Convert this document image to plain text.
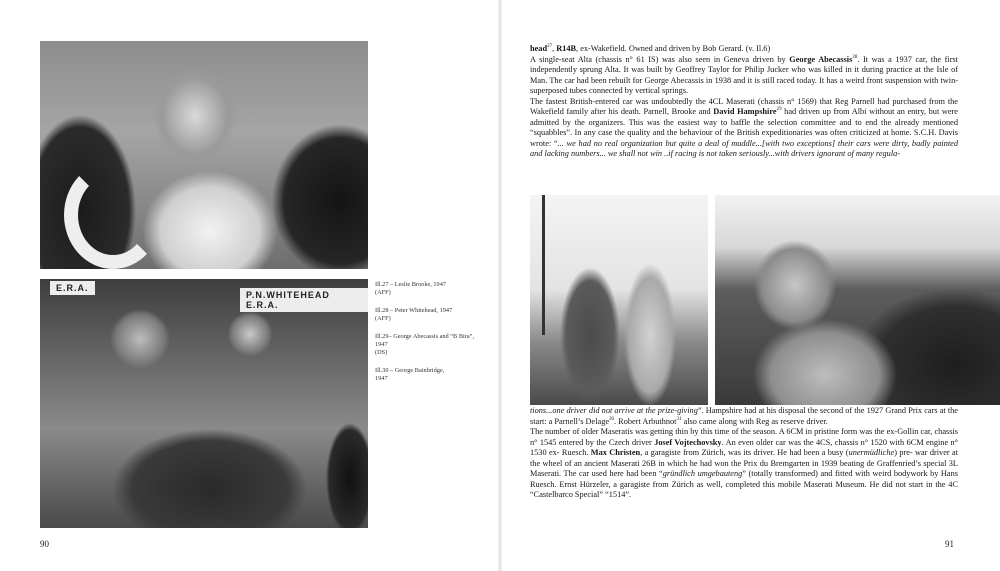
E.R.A.
P.N.WHITEHEAD E.R.A.
Ill.27 – Leslie Brooke, 1947
(AFF)
Ill.28 – Peter Whitehead, 1947
(AFF)
Ill.29– George Abecassis and “B Bira”, 1947
(DS)
Ill.30 – George Bainbridge,
1947
90

head$^{27}$, R14B, ex-Wakefield. Owned and driven by Bob Gerard. (v. Il.6)

A single-seat Alta (chassis n° 61 IS) was also seen in Geneva driven by George Abecassis$^{28}$. It was a 1937 car, the first independently sprung Alta. It was built by Geoffrey Taylor for Philip Jucker who was killed in it during practice at the Isle of Man. The car had been rebuilt for George Abecassis in 1938 and it is still raced today. It has a weird front suspension with twin-superposed tubes connected by vertical springs.

The fastest British-entered car was undoubtedly the 4CL Maserati (chassis n° 1569) that Reg Parnell had purchased from the Wakefield family after his death. Parnell, Brooke and David Hampshire$^{29}$ had driven up from Albi without an entry, but were admitted by the organizers. This was the easiest way to baffle the selection committee and to end the already mentioned “squabbles”. In any case the quality and the behaviour of the British expeditionaries was often criticized at home. S.C.H. Davis wrote: “... we had no real organization but quite a deal of muddle...[with two exceptions] their cars were dirty, badly painted and lacking numbers... we shall not win ..if racing is not taken seriously...with drivers ignorant of many regula-

tions...one driver did not arrive at the prize-giving”. Hampshire had at his disposal the second of the 1927 Grand Prix cars at the start: a Parnell’s Delage$^{30}$. Robert Arbuthnot$^{31}$ also came along with Reg as reserve driver.

The number of older Maseratis was getting thin by this time of the season. A 6CM in pristine form was the ex-Gollin car, chassis n° 1545 entered by the Czech driver Josef Vojtechovsky. An even older car was the 4CS, chassis n° 1520 with 6CM engine n° 1530 ex- Ruesch. Max Christen, a garagiste from Zürich, was its driver. He had been a busy (unermüdliche) pre- war driver at the wheel of an ancient Maserati 26B in which he had won the Prix du Bremgarten in 1939 beating de Graffenried’s special 3L Maserati. The car used here had been “gründlich umgebauteng” (totally transformed) and fitted with weird bodywork by Hans Ruesch. Ernst Hürzeler, a garagiste from Zürich as well, completed this mobile Maserati Museum. He did not start in the 4C “Castelbarco Special” “1514”.

91
